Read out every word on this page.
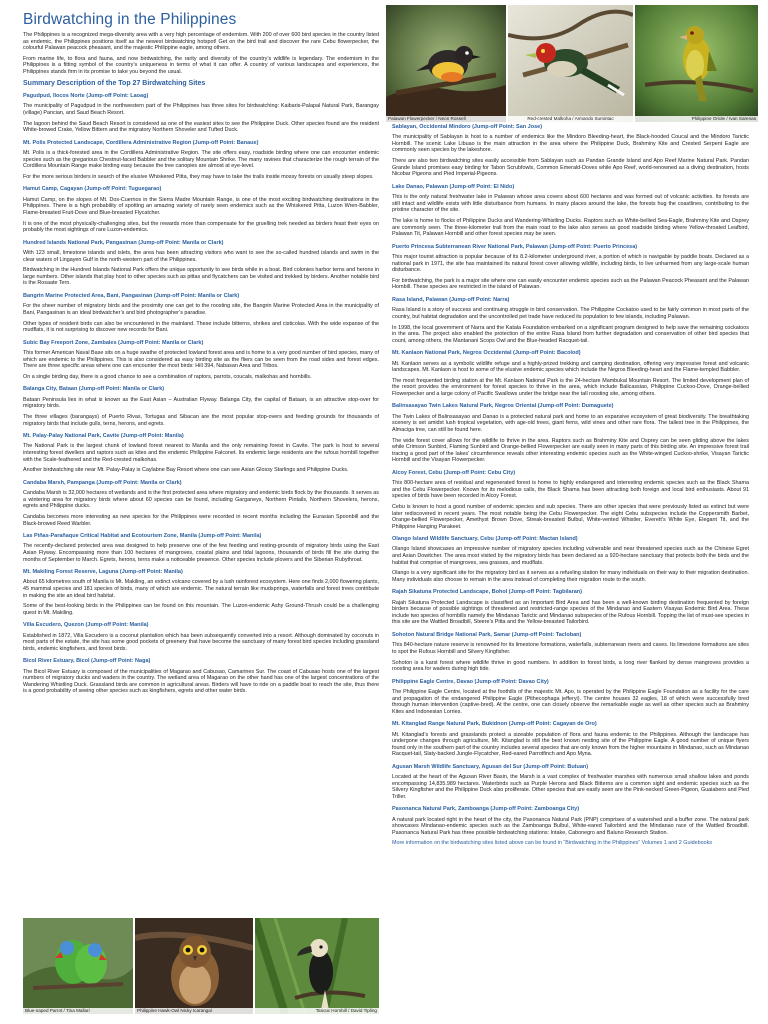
Birdwatching in the Philippines
Palawan Flowerpecker / Neon Rossell	Red-crested Malkoha / Armando Sumintac	Philippine Oriole / Ivan Sarenas

The Philippines is a recognized mega-diversity area with a very high percentage of endemism. With 200 of over 600 bird species in the country listed as endemic, the Philippines positions itself as the newest birdwatching hotspot! Get on the bird trail and discover the rare Cebu flowerpecker, the colourful Palawan peacock pheasant, and the majestic Philippine eagle, among others.

From marine life, to flora and fauna, and now birdwatching, the rarity and diversity of the country’s wildlife is legendary. The endemism in the Philippines is a fitting symbol of the country’s uniqueness in terms of what it can offer. A country of various landscapes and experiences, the Philippines stands firm in its promise to take you beyond the usual.

Summary Description of the Top 27 Birdwatching Sites
Pagudpud, Ilocos Norte (Jump-off Point: Laoag)

The municipality of Pagudpud in the northwestern part of the Philippines has three sites for birdwatching: Kaibaris-Palapal Natural Park, Barangay (village) Pancian, and Saud Beach Resort.

The lagoon behind the Saud Beach Resort is considered as one of the easiest sites to see the Philippine Duck. Other species found are the resident White-browed Crake, Yellow Bittern and the migratory Northern Shoveler and Tufted Duck.

Mt. Polis Protected Landscape, Cordillera Administrative Region (Jump-off Point: Banaue)

Mt. Polis is a thick-forested area in the Cordillera Administrative Region. The site offers easy, roadside birding where one can encounter endemic species such as the gregarious Chestnut-faced Babbler and the solitary Mountain Shrike. The many ravines that characterize the rough terrain of the Cordillera Mountain Range make birding easy because the tree canopies are almost at eye-level.

For the more serious birders in search of the elusive Whiskered Pitta, they may have to take the trails inside mossy forests on usually steep slopes.

Hamut Camp, Cagayan (Jump-off Point: Tuguegarao)

Hamut Camp, on the slopes of Mt. Dos-Cuernos in the Sierra Madre Mountain Range, is one of the most exciting birdwatching destinations in the Philippines. There is a high probability of spotting an amazing variety of rarely seen endemics such as the Whiskered Pitta, Luzon Wren-Babbler, Flame-breasted Fruit-Dove and Blue-breasted Flycatcher.

It is one of the most physically-challenging sites, but the rewards more than compensate for the gruelling trek needed as birders feast their eyes on probably the most sightings of rare Luzon-endemics.

Hundred Islands National Park, Pangasinan (Jump-off Point: Manila or Clark)

With 123 small, limestone islands and islets, the area has been attracting visitors who want to see the so-called hundred islands and swim in the clear waters of Lingayen Gulf in the north-western part of the Philippines.

Birdwatching in the Hundred Islands National Park offers the unique opportunity to see birds while in a boat. Bird colonies harbor terns and herons in large numbers. Other islands that play host to other species such as pittas and flycatchers can be visited and trekked by birders. Another notable bird is the Rosaate Tern.

Bangrin Marine Protected Area, Bani, Pangasinan (Jump-off Point: Manila or Clark)

For the sheer number of migratory birds and the proximity one can get to the roosting site, the Bangrin Marine Protected Area in the municipality of Bani, Pangasinan is an ideal birdwatcher’s and bird photographer’s paradise.

Other types of resident birds can also be encountered in the mainland. These include bitterns, shrikes and cisticolas. With the wide expanse of the mudflats, it is not surprising to discover new records for Bani.

Subic Bay Freeport Zone, Zambales (Jump-off Point: Manila or Clark)

This former American Naval Base sits on a huge swathe of protected lowland forest area and is home to a very good number of bird species, many of which are endemic to the Philippines. This is also considered as easy birding site as the fliers can be seen from the road sides and forest edges. There are three specific areas where one can encounter the most birds: Hill 394, Nabasan Area and Tribos.

On a single birding day, there is a good chance to see a combination of raptors, parrots, coucals, malkohas and hornbills.

Balanga City, Bataan (Jump-off Point: Manila or Clark)

Bataan Peninsula lies in what is known as the East Asian – Australian Flyway. Balanga City, the capital of Bataan, is an attractive stop-over for migratory birds.

The three villages (barangays) of Puerto Rivas, Tortugas and Sibacan are the most popular stop-overs and feeding grounds for thousands of migratory birds that include gulls, terns, herons, and egrets.

Mt. Palay-Palay National Park, Cavite (Jump-off Point: Manila)

The National Park is the largest chunk of lowland forest nearest to Manila and the only remaining forest in Cavite. The park is host to several interesting forest dwellers and raptors such as kites and the endemic Philippine Falconet. Its endemic large residents are the rufous hornbill together with the Scale-feathered and the Red-crested malkohas.

Another birdwatching site near Mt. Palay-Palay is Caylabne Bay Resort where one can see Asian Glossy Starlings and Philippine Ducks.

Candaba Marsh, Pampanga (Jump-off Point: Manila or Clark)

Candaba Marsh is 32,000 hectares of wetlands and is the first protected area where migratory and endemic birds flock by the thousands. It serves as a wintering area for migratory birds where about 60 species can be found, including Garganeys, Northern Pintails, Northern Shovelers, herons, egrets and Philippine ducks.

Candaba becomes more interesting as new species for the Philippines were recorded in recent months including the Eurasian Spoonbill and the Black-browed Reed Warbler.

Las Piñas-Parañaque Critical Habitat and Ecotourism Zone, Manila (Jump-off Point: Manila)

The recently-declared protected area was designed to help preserve one of the few feeding and resting-grounds of migratory birds using the East Asian Flyway. Encompassing more than 100 hectares of mangroves, coastal plains and tidal lagoons, thousands of birds fill the site during the months of September to March. Egrets, herons, terns make a noticeable presence. Other species include plovers and the Siberian Rubythroat.

Mt. Makiling Forest Reserve, Laguna (Jump-off Point: Manila)

About 65 kilometres south of Manila is Mt. Makiling, an extinct volcano covered by a lush rainforest ecosystem. Here one finds 2,000 flowering plants, 45 mammal species and 181 species of birds, many of which are endemic. The natural terrain like mudsprings, waterfalls and forest trees contribute in making the site an ideal bird habitat.

Some of the best-looking birds in the Philippines can be found on this mountain. The Luzon-endemic Ashy Ground-Thrush could be a challenging quest in Mt. Makiling.

Villa Escudero, Quezon (Jump-off Point: Manila)

Established in 1872, Villa Escudero is a coconut plantation which has been subsequently converted into a resort. Although dominated by coconuts in most parts of the estate, the site has some good pockets of greenery that have become the sanctuary of many forest bird species including grassland birds, endemic kingfishers, and forest birds.

Bicol River Estuary, Bicol (Jump-off Point: Naga)

The Bicol River Estuary is composed of the municipalities of Magarao and Cabusao, Camarines Sur. The coast of Cabusao hosts one of the largest numbers of migratory ducks and waders in the country. The wetland area of Magarao on the other hand has one of the largest concentrations of the Wandering Whistling Duck. Grassland birds are common in agricultural areas. Birders will have to ride on a paddle boat to reach the site, thus there is a good probability of seeing other species such as kingfishers, egrets and other water birds.

Sablayan, Occidental Mindoro (Jump-off Point: San Jose)

The municipality of Sablayan is host to a number of endemics like the Mindoro Bleeding-heart, the Black-hooded Coucal and the Mindoro Tarictic Hornbill. The scenic Lake Libuao is the main attraction in the area where the Philippine Duck, Brahminy Kite and Crested Serpent Eagle are commonly seen species by the lakeshore.

There are also two birdwatching sites easily accessible from Sablayan such as Pandan Grande Island and Apo Reef Marine Natural Park. Pandan Grande Island promises easy birding for Tabon Scrubfowls, Common Emerald-Doves while Apo Reef, world-renowned as a diving destination, hosts Nicobar Pigeons and Pied Imperial-Pigeons.

Lake Danao, Palawan (Jump-off Point: El Nido)

This is the only natural freshwater lake in Palawan whose area covers about 600 hectares and was formed out of volcanic activities. Its forests are still intact and wildlife exists with little disturbance from humans. In many places around the lake, the forests hug the coastlines, contributing to the pristine character of the site.

The lake is home to flocks of Philippine Ducks and Wandering-Whistling Ducks. Raptors such as White-bellied Sea-Eagle, Brahminy Kite and Osprey are commonly seen. The three-kilometer trail from the main road to the lake also serves as good roadside birding where Yellow-throated Leafbird, Palawan Tit, Palawan Hornbill and other forest species may be seen.

Puerto Princesa Subterranean River National Park, Palawan (Jump-off Point: Puerto Princesa)

This major tourist attraction is popular because of its 8.2-kilometer underground river, a portion of which is navigable by paddle boats. Declared as a national park in 1971, the site has maintained its natural forest cover allowing wildlife, including birds, to live unharmed from any large-scale human disturbance.

For birdwatching, the park is a major site where one can easily encounter endemic species such as the Palawan Peacock Pheasant and the Palawan Hornbill. These species are restricted in the island of Palawan.

Rasa Island, Palawan (Jump-off Point: Narra)

Rasa Island is a story of success and continuing struggle in bird conservation. The Philippine Cockatoo used to be fairly common in most parts of the country, but habitat degradation and the uncontrolled pet trade have reduced its population to few islands, including Palawan.

In 1998, the local government of Narra and the Katala Foundation embarked on a significant program designed to help save the remaining cockatoos in the area. The project also enabled the protection of the entire Rasa Island from further degradation and conservation of other bird species that count, among others, the Mantanani Scops Owl and the Blue-headed Racquet-tail.

Mt. Kanlaon National Park, Negros Occidental (Jump-off Point: Bacolod)

Mt. Kanlaon serves as a symbolic wildlife refuge and a highly-prized trekking and camping destination, offering very impressive forest and volcanic landscapes. Mt. Kanlaon is host to some of the elusive endemic species which include the Negros Bleeding-heart and the Flame-templed Babbler.

The most frequented birding station at the Mt. Kanlaon National Park is the 24-hectare Mambukal Mountain Resort. The limited development plan of the resort provides the environment for forest species to thrive in the area, which include Balicassiao, Philippine Cuckoo-Dove, Orange-bellied Flowerpecker and a large colony of Pacific Swallows under the bridge near the tall roosting site, among others.

Balinsasayao Twin Lakes Natural Park, Negros Oriental (Jump-off Point: Dumaguete)

The Twin Lakes of Balinsasayao and Danao is a protected natural park and home to an expansive ecosystem of great biodiversity. The breathtaking scenery is set amidst lush tropical vegetation, with age-old trees, giant ferns, wild vines and other rare flora. The tallest tree in the Philippines, the Almaciga tree, can still be found here.

The wide forest cover allows for the wildlife to thrive in the area. Raptors such as Brahminy Kite and Osprey can be seen gliding above the lakes while Crimson Sunbird, Flaming Sunbird and Orange-bellied Flowerpecker are easily seen in many parts of this birding site. An impressive forest trail tracing a good part of the lakes’ circumference reveals other interesting endemic species such as the White-winged Cuckoo-shrike, Visayan Tarictic Hornbill and the Visayan Flowerpecker.

Alcoy Forest, Cebu (Jump-off Point: Cebu City)

This 800-hectare area of residual and regenerated forest is home to highly endangered and interesting endemic species such as the Black Shama and the Cebu Flowerpecker. Known for its melodious calls, the Black Shama has been attracting both foreign and local bird enthusiasts. About 91 species of birds have been recorded in Alcoy Forest.

Cebu is known to host a good number of endemic species and sub species. There are other species that were previously listed as extinct but were later rediscovered in recent years. The most notable being the Cebu Flowerpecker. The eight Cebu subspecies include the Coppersmith Barbet, Orange-bellied Flowerpecker, Amethyst Brown Dove, Streak-breasted Bulbul, White-vented Whistler, Everett’s White Eye, Elegant Tit, and the Philippine Hanging Parakeet.

Olango Island Wildlife Sanctuary, Cebu (Jump-off Point: Mactan Island)

Olango Island showcases an impressive number of migratory species including vulnerable and near threatened species such as the Chinese Egret and Asian Dowitcher. The area most visited by the migratory birds has been declared as a 920-hectare sanctuary that protects both the birds and the habitat that comprise of mangroves, sea grasses, and mudflats.

Olango is a very significant site for the migratory bird as it serves as a refueling station for many individuals on their way to their migration destination. Many individuals also choose to remain in the area instead of completing their migration route to the south.

Rajah Sikatuna Protected Landscape, Bohol (Jump-off Point: Tagbilaran)

Rajah Sikatuna Protected Landscape is classified as an Important Bird Area and has been a well-known birding destination frequented by foreign birders because of possible sightings of threatened and restricted-range species of the Mindanao and Eastern Visayas Endemic Bird Area. These include two species of hornbills namely the Mindanao Tarictic and Mindanao subspecies of the Rufous Hornbill. Topping the list of must-see species in this site are the Wattled Broadbill, Steere’s Pitta and the Yellow-breasted Tailorbird.

Sohoton Natural Bridge National Park, Samar (Jump-off Point: Tacloban)

This 840-hectare nature reserve is renowned for its limestone formations, waterfalls, subterranean rivers and caves. Its limestone formations are sites to spot the Rufous Hornbill and Silvery Kingfisher.

Sohoton is a karst forest where wildlife thrive in good numbers. In addition to forest birds, a long river flanked by dense mangroves provides a roosting area for waders during high tide.

Philippine Eagle Centre, Davao (Jump-off Point: Davao City)

The Philippine Eagle Centre, located at the foothills of the majestic Mt. Apo, is operated by the Philippine Eagle Foundation as a facility for the care and propagation of the endangered Philippine Eagle (Pithecophaga jefferyi). The centre houses 32 eagles, 18 of which were successfully bred through human intervention (captive-bred). At the centre, one can closely observe the remarkable eagle as well as other species such as Brahminy Kites and Indonesian Lorries.

Mt. Kitanglad Range Natural Park, Bukidnon (Jump-off Point: Cagayan de Oro)

Mt. Kitanglad’s forests and grasslands protect a sizeable population of flora and fauna endemic to the Philippines. Although the landscape has undergone changes through agriculture, Mt. Kitanglad is still the best known nesting site of the Philippine Eagle. A good number of unique flyers found only in the southern part of the country includes several species that are only known from the higher mountains in Mindanao, such as Mindanao Racquet-tail, Slaty-backed Jungle-Flycatcher, Red-eared Parrotfinch and Apo Myna.

Agusan Marsh Wildlife Sanctuary, Agusan del Sur (Jump-off Point: Butuan)

Located at the heart of the Agusan River Basin, the Marsh is a vast complex of freshwater marshes with numerous small shallow lakes and ponds encompassing 14,835.989 hectares. Waterbirds such as Purple Herons and Black Bitterns are a common sight and endemic species such as the Silvery Kingfisher and the Philippine Duck also proliferate. Other species that are easily seen are the Pink-necked Green-Pigeon, Guaiabero and Pied Triller.

Pasonanca Natural Park, Zamboanga (Jump-off Point: Zamboanga City)

A natural park located right in the heart of the city, the Pasonanca Natural Park (PNP) comprises of a watershed and a buffer zone. The natural park showcases Mindanao-endemic species such as the Zamboanga Bulbul, White-eared Tailorbird and the Mindanao race of the Wattled Broadbill. Pasonanca Natural Park has three possible birdwatching stations: Intake, Cabonegro and Baluno Research Station.

More information on the birdwatching sites listed above can be found in “Birdwatching in the Philippines” Volumes 1 and 2 Guidebooks

Blue-naped Parrot / Tina Mallari	Philippine Hawk-Owl Nicky Icarangal	Tarictic Hornbill / David Tipling
